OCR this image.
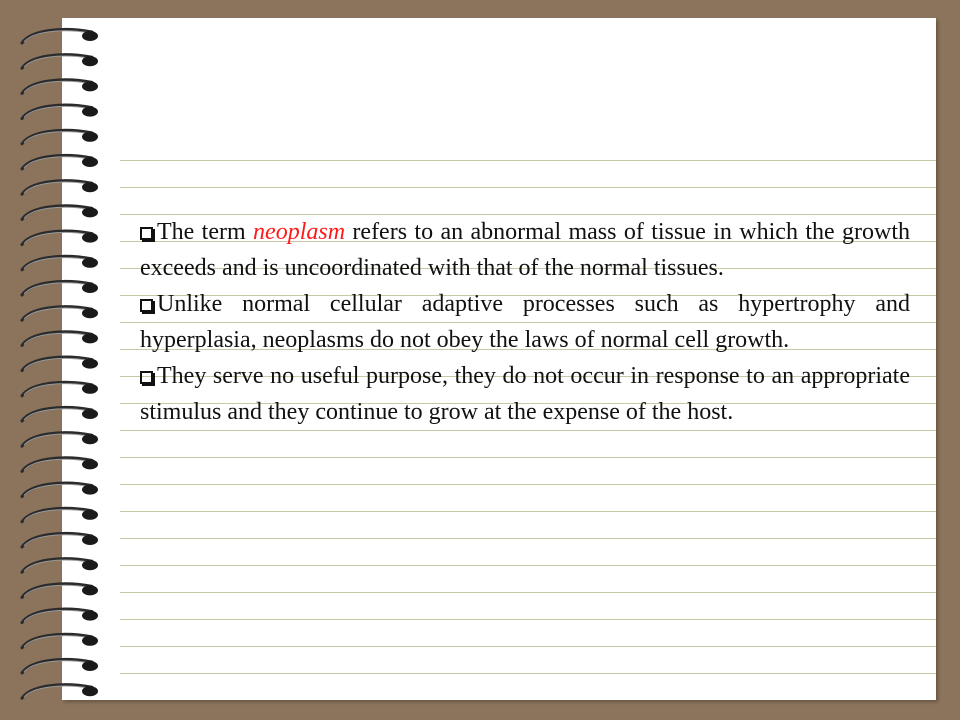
The term neoplasm refers to an abnormal mass of tissue in which the growth exceeds and is uncoordinated with that of the normal tissues.

Unlike normal cellular adaptive processes such as hypertrophy and hyperplasia, neoplasms do not obey the laws of normal cell growth.

They serve no useful purpose, they do not occur in response to an appropriate stimulus and they continue to grow at the expense of the host.
